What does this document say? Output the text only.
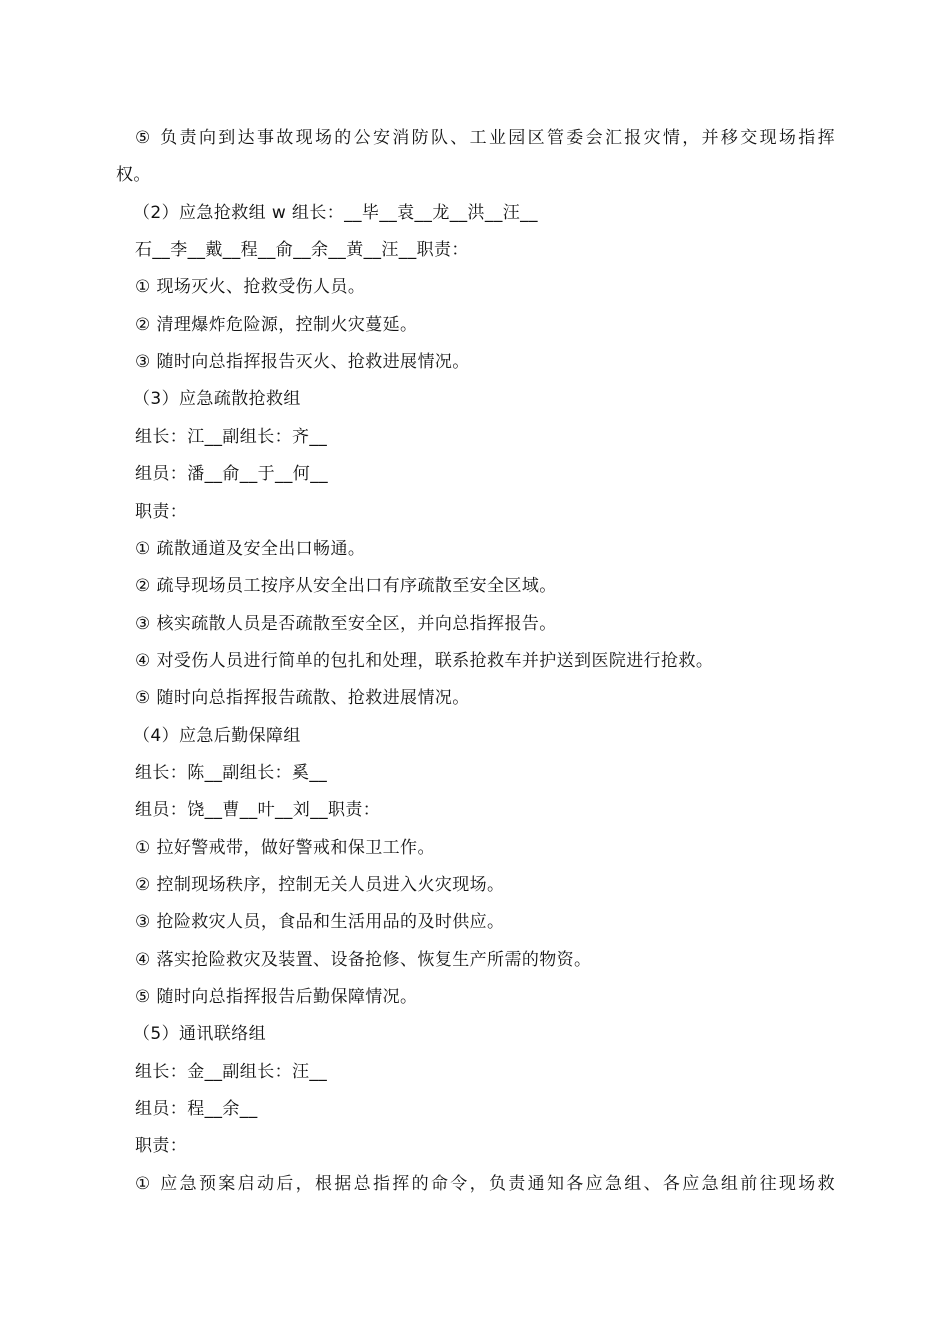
⑤ 负责向到达事故现场的公安消防队、工业园区管委会汇报灾情，并移交现场指挥
权。
（2）应急抢救组 w 组长：__毕__袁__龙__洪__汪__
石__李__戴__程__俞__余__黄__汪__职责：
① 现场灭火、抢救受伤人员。
② 清理爆炸危险源，控制火灾蔓延。
③ 随时向总指挥报告灭火、抢救进展情况。
（3）应急疏散抢救组
组长：江__副组长：齐__
组员：潘__俞__于__何__
职责：
① 疏散通道及安全出口畅通。
② 疏导现场员工按序从安全出口有序疏散至安全区域。
③ 核实疏散人员是否疏散至安全区，并向总指挥报告。
④ 对受伤人员进行简单的包扎和处理，联系抢救车并护送到医院进行抢救。
⑤ 随时向总指挥报告疏散、抢救进展情况。
（4）应急后勤保障组
组长：陈__副组长：奚__
组员：饶__曹__叶__刘__职责：
① 拉好警戒带，做好警戒和保卫工作。
② 控制现场秩序，控制无关人员进入火灾现场。
③ 抢险救灾人员，食品和生活用品的及时供应。
④ 落实抢险救灾及装置、设备抢修、恢复生产所需的物资。
⑤ 随时向总指挥报告后勤保障情况。
（5）通讯联络组
组长：金__副组长：汪__
组员：程__余__
职责：
① 应急预案启动后，根据总指挥的命令，负责通知各应急组、各应急组前往现场救
